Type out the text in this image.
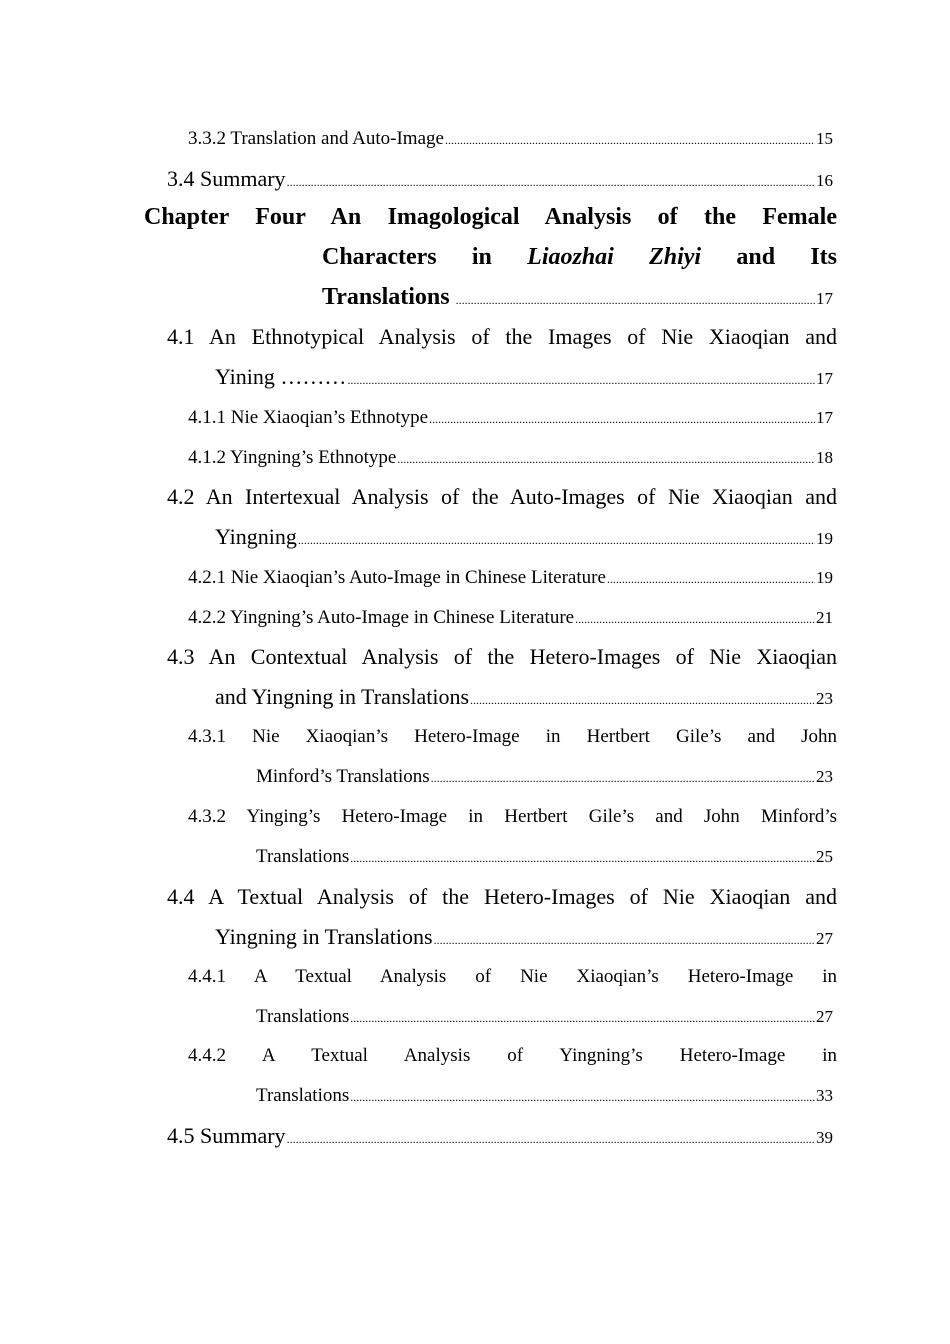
3.3.2 Translation and Auto-Image .....	15
3.4 Summary .....	16
Chapter Four An Imagological Analysis of the Female
Characters in Liaozhai Zhiyi and Its
Translations .....	17
4.1 An Ethnotypical Analysis of the Images of Nie Xiaoqian and
Yining ……… .....	17
4.1.1 Nie Xiaoqian’s Ethnotype .....	17
4.1.2 Yingning’s Ethnotype .....	18
4.2 An Intertexual Analysis of the Auto-Images of Nie Xiaoqian and
Yingning .....	19
4.2.1 Nie Xiaoqian’s Auto-Image in Chinese Literature .....	19
4.2.2 Yingning’s Auto-Image in Chinese Literature .....	21
4.3 An Contextual Analysis of the Hetero-Images of Nie Xiaoqian
and Yingning in Translations .....	23
4.3.1 Nie Xiaoqian’s Hetero-Image in Hertbert Gile’s and John
Minford’s Translations .....	23
4.3.2 Yinging’s Hetero-Image in Hertbert Gile’s and John Minford’s
Translations .....	25
4.4 A Textual Analysis of the Hetero-Images of Nie Xiaoqian and
Yingning in Translations .....	27
4.4.1 A Textual Analysis of Nie Xiaoqian’s Hetero-Image in
Translations .....	27
4.4.2 A Textual Analysis of Yingning’s Hetero-Image in
Translations .....	33
4.5 Summary .....	39
